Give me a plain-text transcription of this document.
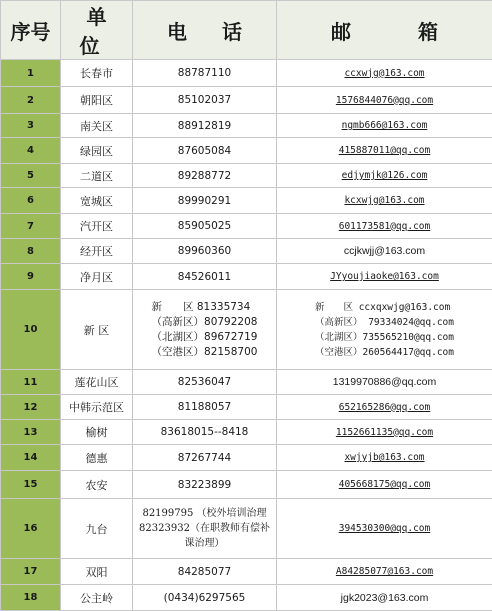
序号	单位	电 话	邮 箱
1	长春市	88787110	ccxwjg@163.com
2	朝阳区	85102037	1576844076@qq.com
3	南关区	88912819	ngmb666@163.com
4	绿园区	87605084	415887011@qq.com
5	二道区	89288772	edjymjk@126.com
6	宽城区	89990291	kcxwjg@163.com
7	汽开区	85905025	601173581@qq.com
8	经开区	89960360	ccjkwjj@163.com
9	净月区	84526011	JYyoujiaoke@163.com
10	新 区	新　　区 81335734
（高新区）80792208
（北湖区）89672719
（空港区）82158700	新　　区 ccxqxwjg@163.com
（高新区） 79334024@qq.com
（北湖区）735565210@qq.com
（空港区）260564417@qq.com

11	莲花山区	82536047	1319970886@qq.com
12	中韩示范区	81188057	652165286@qq.com
13	榆树	83618015--8418	1152661135@qq.com
14	德惠	87267744	xwjyjb@163.com
15	农安	83223899	405668175@qq.com
16	九台	82199795 （校外培训治理
82323932（在职教师有偿补
课治理）	394530300@qq.com
17	双阳	84285077	A84285077@163.com
18	公主岭	(0434)6297565	jgk2023@163.com
